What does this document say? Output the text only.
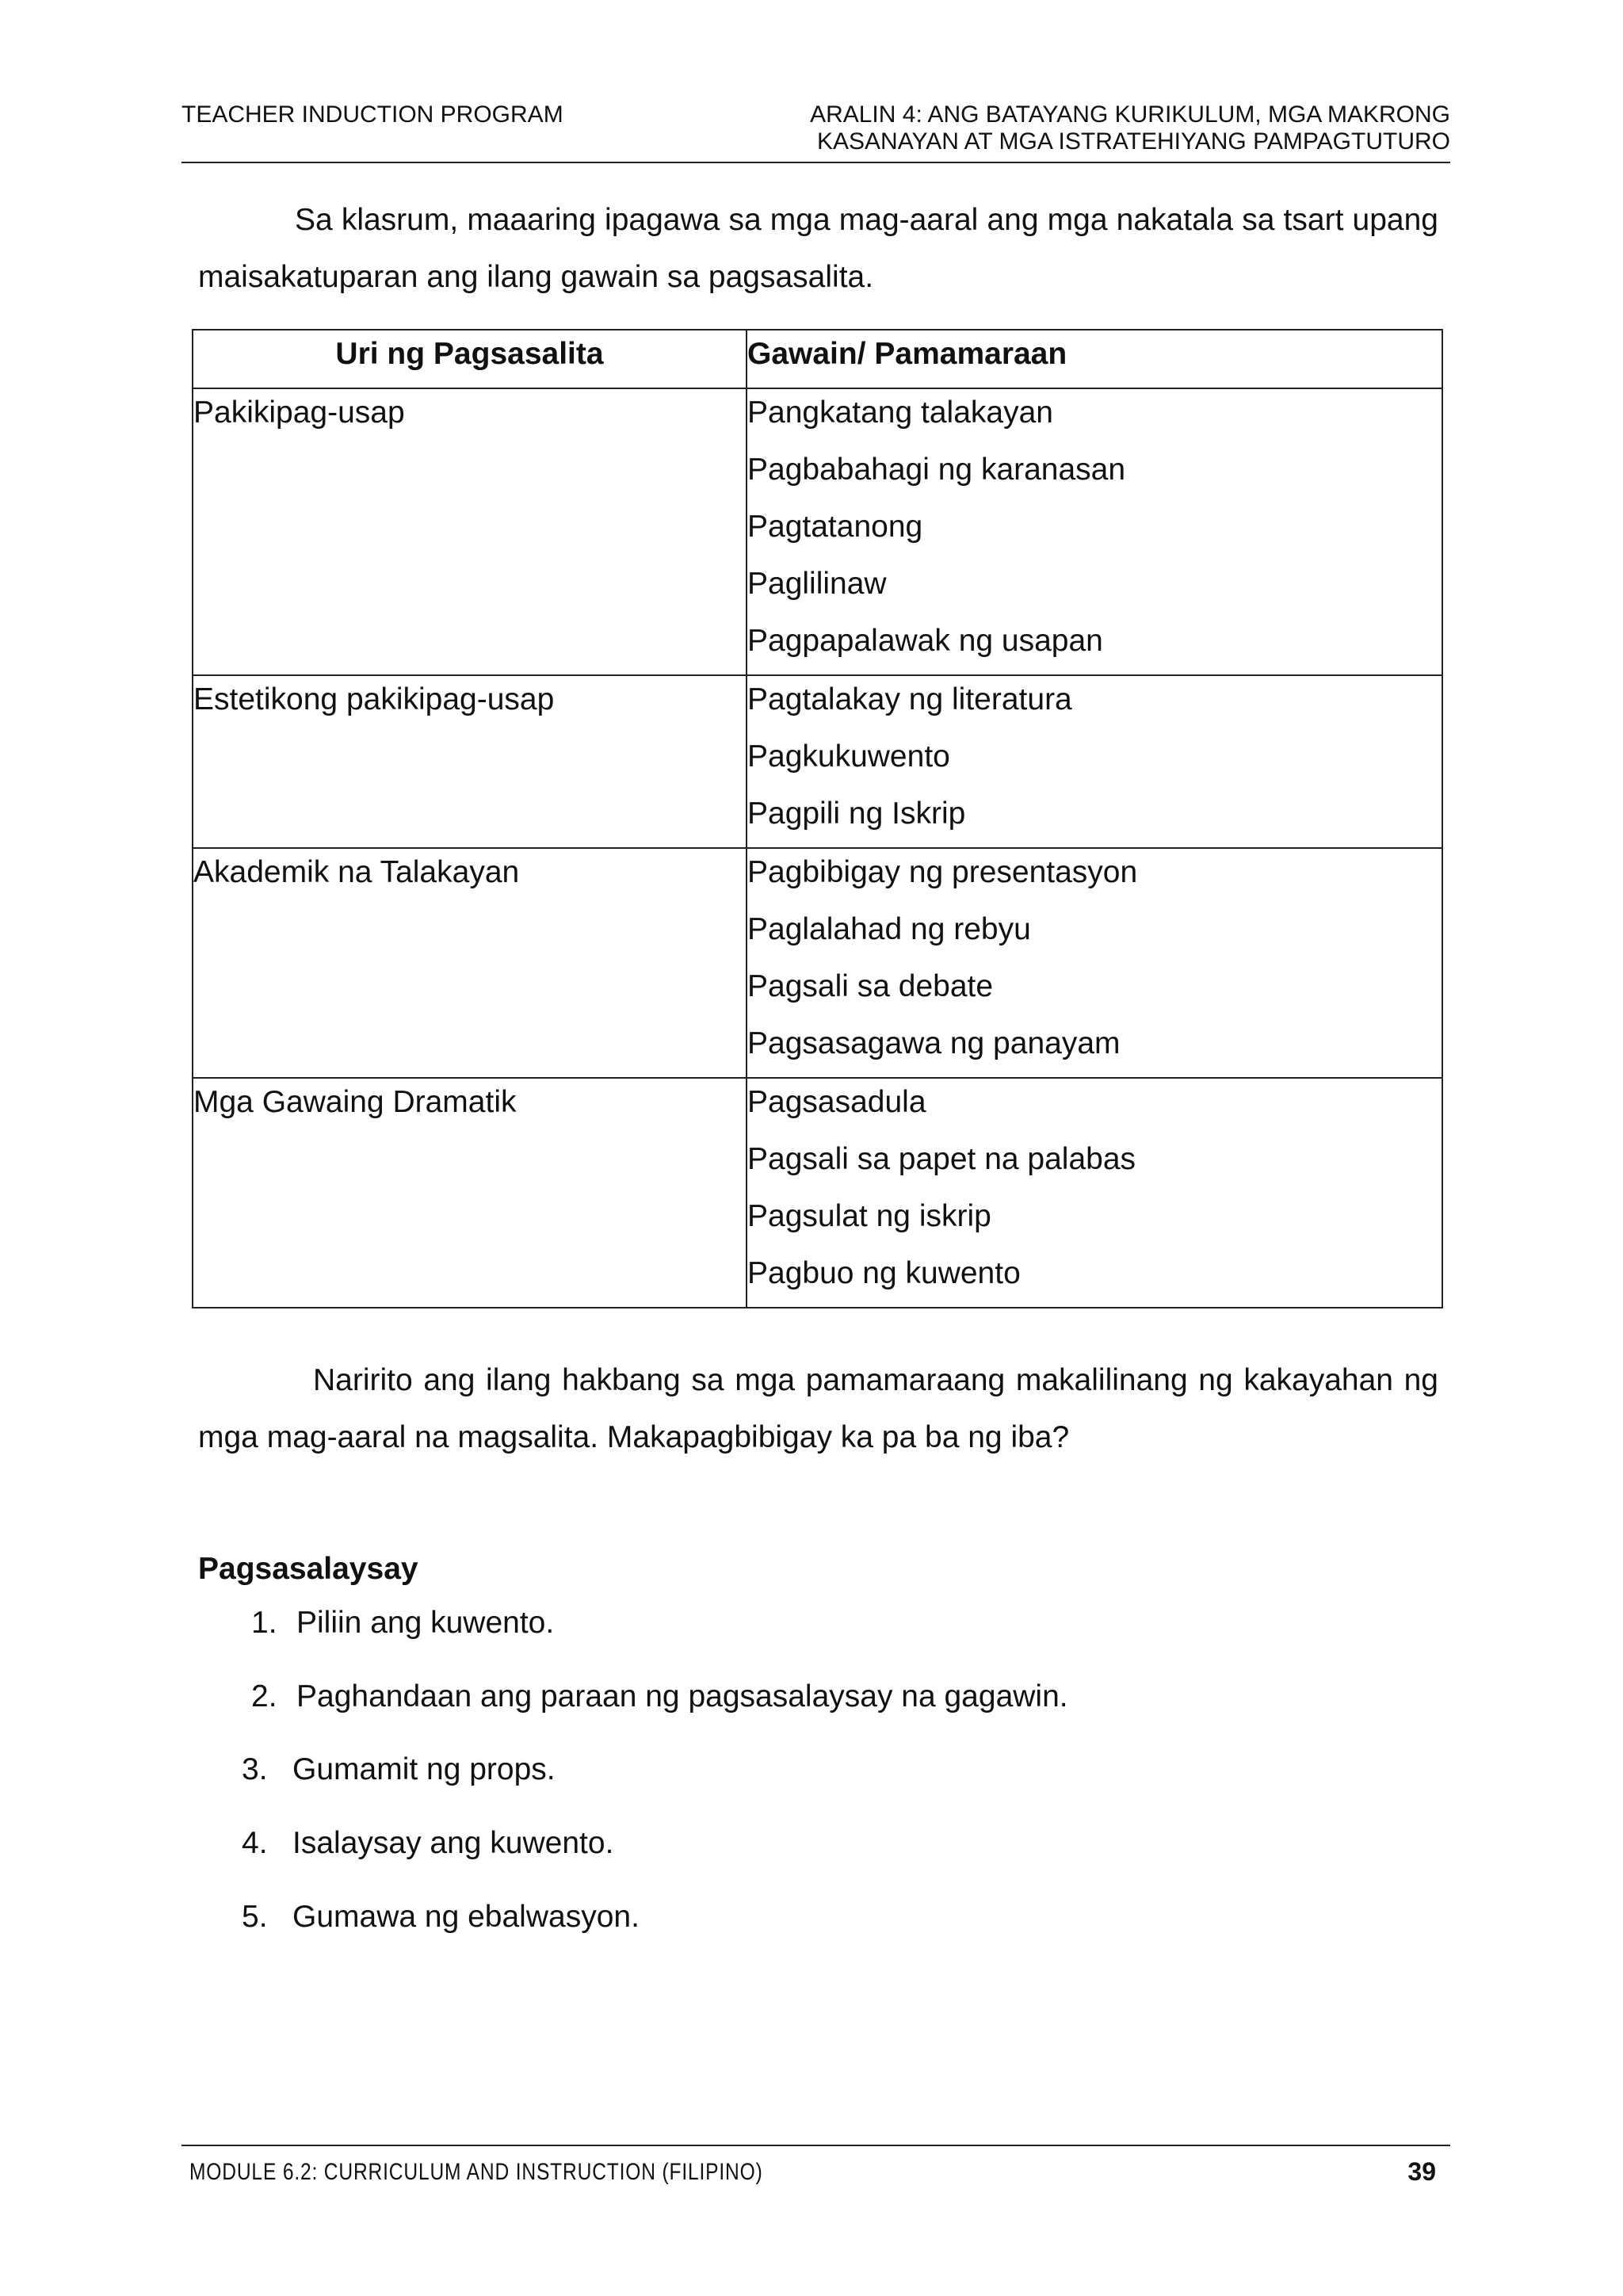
TEACHER INDUCTION PROGRAM	ARALIN 4: ANG BATAYANG KURIKULUM, MGA MAKRONG
KASANAYAN AT MGA ISTRATEHIYANG PAMPAGTUTURO
Sa klasrum, maaaring ipagawa sa mga mag-aaral ang mga nakatala sa tsart upang maisakatuparan ang ilang gawain sa pagsasalita.
Uri ng Pagsasalita	Gawain/ Pamamaraan

Pakikipag-usap	Pangkatang talakayan
Pagbabahagi ng karanasan
Pagtatanong
Paglilinaw
Pagpapalawak ng usapan

Estetikong pakikipag-usap	Pagtalakay ng literatura
Pagkukuwento
Pagpili ng Iskrip

Akademik na Talakayan	Pagbibigay ng presentasyon
Paglalahad ng rebyu
Pagsali sa debate
Pagsasagawa ng panayam

Mga Gawaing Dramatik	Pagsasadula
Pagsali sa papet na palabas
Pagsulat ng iskrip
Pagbuo ng kuwento
Naririto ang ilang hakbang sa mga pamamaraang makalilinang ng kakayahan ng mga mag-aaral na magsalita. Makapagbibigay ka pa ba ng iba?
Pagsasalaysay
1. Piliin ang kuwento.
2. Paghandaan ang paraan ng pagsasalaysay na gagawin.
3. Gumamit ng props.
4. Isalaysay ang kuwento.
5. Gumawa ng ebalwasyon.
MODULE 6.2: CURRICULUM AND INSTRUCTION (FILIPINO)	39
